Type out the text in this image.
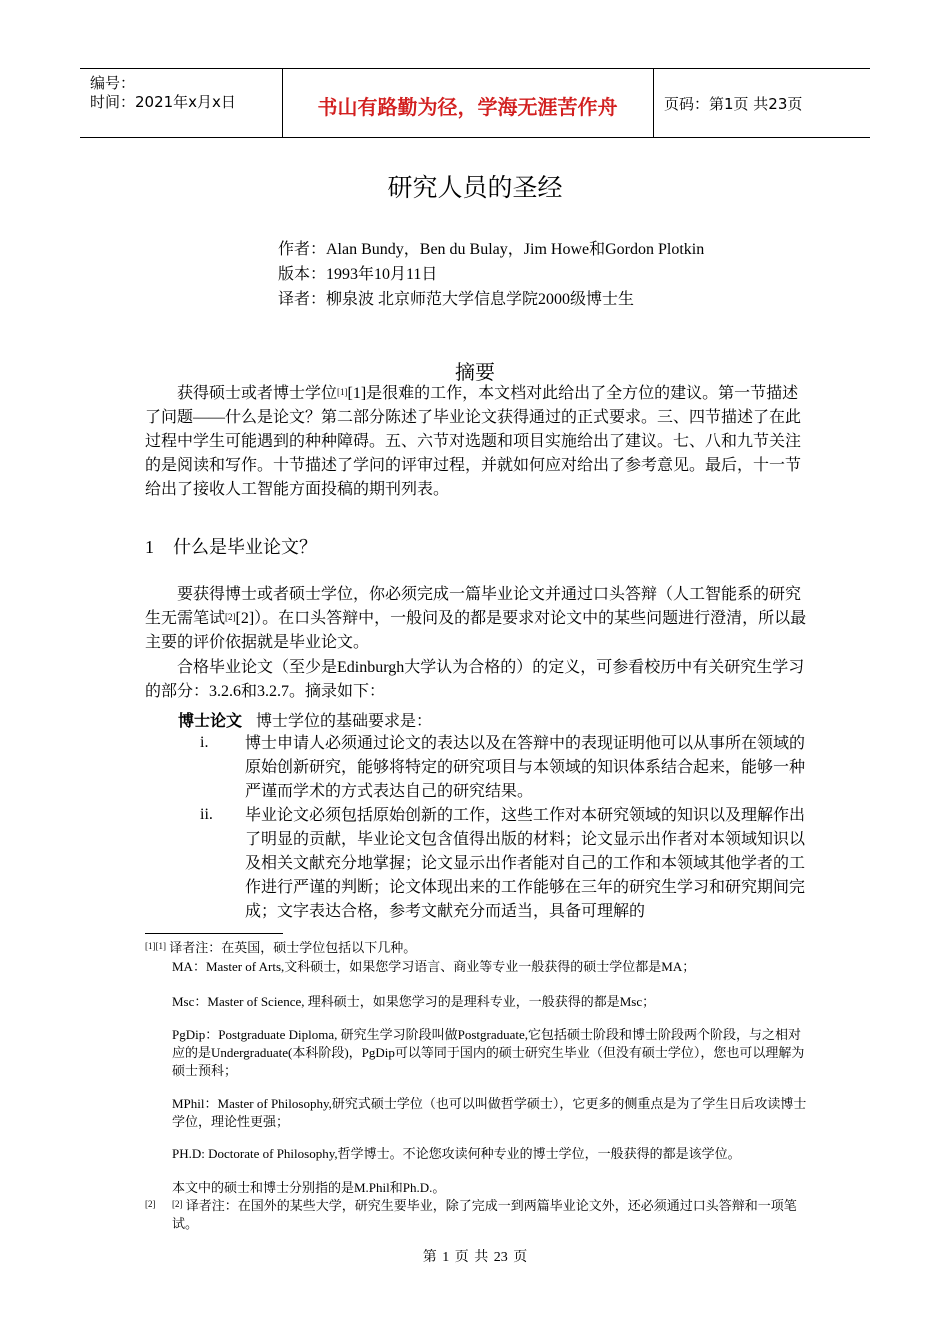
编号：
时间：2021年x月x日	书山有路勤为径，学海无涯苦作舟	页码：第1页 共23页
研究人员的圣经
作者：Alan Bundy，Ben du Bulay，Jim Howe和Gordon Plotkin
版本：1993年10月11日
译者：柳泉波 北京师范大学信息学院2000级博士生
摘要

获得硕士或者博士学位[1][1]是很难的工作，本文档对此给出了全方位的建议。第一节描述了问题——什么是论文？第二部分陈述了毕业论文获得通过的正式要求。三、四节描述了在此过程中学生可能遇到的种种障碍。五、六节对选题和项目实施给出了建议。七、八和九节关注的是阅读和写作。十节描述了学问的评审过程，并就如何应对给出了参考意见。最后，十一节给出了接收人工智能方面投稿的期刊列表。

1 什么是毕业论文？

要获得博士或者硕士学位，你必须完成一篇毕业论文并通过口头答辩（人工智能系的研究生无需笔试[2][2]）。在口头答辩中，一般问及的都是要求对论文中的某些问题进行澄清，所以最主要的评价依据就是毕业论文。

合格毕业论文（至少是Edinburgh大学认为合格的）的定义，可参看校历中有关研究生学习的部分：3.2.6和3.2.7。摘录如下：

博士论文 博士学位的基础要求是：
i. 博士申请人必须通过论文的表达以及在答辩中的表现证明他可以从事所在领域的原始创新研究，能够将特定的研究项目与本领域的知识体系结合起来，能够一种严谨而学术的方式表达自己的研究结果。

ii. 毕业论文必须包括原始创新的工作，这些工作对本研究领域的知识以及理解作出了明显的贡献，毕业论文包含值得出版的材料；论文显示出作者对本领域知识以及相关文献充分地掌握；论文显示出作者能对自己的工作和本领域其他学者的工作进行严谨的判断；论文体现出来的工作能够在三年的研究生学习和研究期间完成；文字表达合格，参考文献充分而适当，具备可理解的

[1][1] 译者注：在英国，硕士学位包括以下几种。

MA：Master of Arts,文科硕士，如果您学习语言、商业等专业一般获得的硕士学位都是MA；

Msc：Master of Science, 理科硕士，如果您学习的是理科专业，一般获得的都是Msc；

PgDip：Postgraduate Diploma, 研究生学习阶段叫做Postgraduate,它包括硕士阶段和博士阶段两个阶段，与之相对应的是Undergraduate(本科阶段)，PgDip可以等同于国内的硕士研究生毕业（但没有硕士学位），您也可以理解为硕士预科；

MPhil：Master of Philosophy,研究式硕士学位（也可以叫做哲学硕士），它更多的侧重点是为了学生日后攻读博士学位，理论性更强；

PH.D: Doctorate of Philosophy,哲学博士。不论您攻读何种专业的博士学位，一般获得的都是该学位。

本文中的硕士和博士分别指的是M.Phil和Ph.D.。

[2] [2] 译者注：在国外的某些大学，研究生要毕业，除了完成一到两篇毕业论文外，还必须通过口头答辩和一项笔试。

第 1 页 共 23 页
